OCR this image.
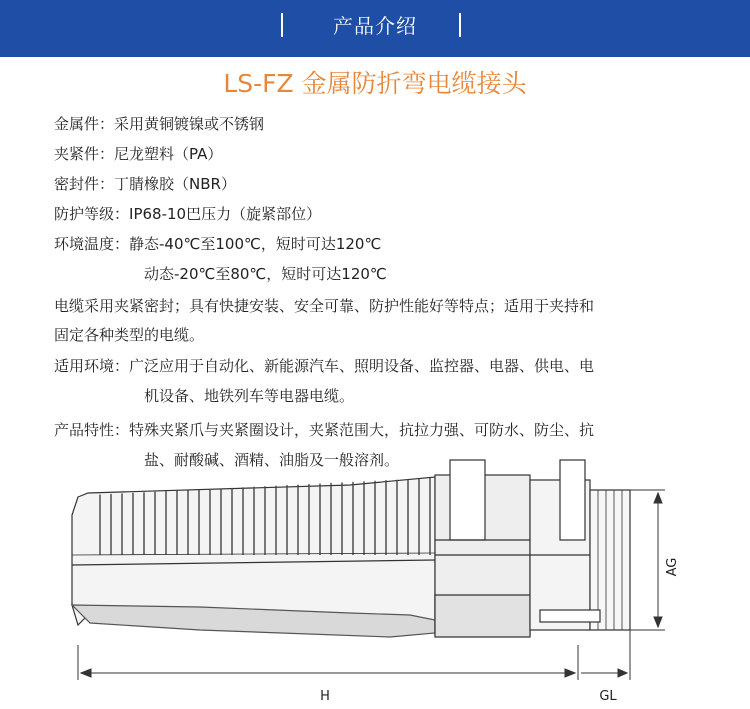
产品介绍
LS-FZ 金属防折弯电缆接头
金属件：采用黄铜镀镍或不锈钢
夹紧件：尼龙塑料（PA）
密封件：丁腈橡胶（NBR）
防护等级：IP68-10巴压力（旋紧部位）
环境温度：静态-40℃至100℃，短时可达120℃
动态-20℃至80℃，短时可达120℃
电缆采用夹紧密封；具有快捷安装、安全可靠、防护性能好等特点；适用于夹持和
固定各种类型的电缆。
适用环境：广泛应用于自动化、新能源汽车、照明设备、监控器、电器、供电、电
机设备、地铁列车等电器电缆。
产品特性：特殊夹紧爪与夹紧圈设计，夹紧范围大，抗拉力强、可防水、防尘、抗
盐、耐酸碱、酒精、油脂及一般溶剂。
AG
H	GL
